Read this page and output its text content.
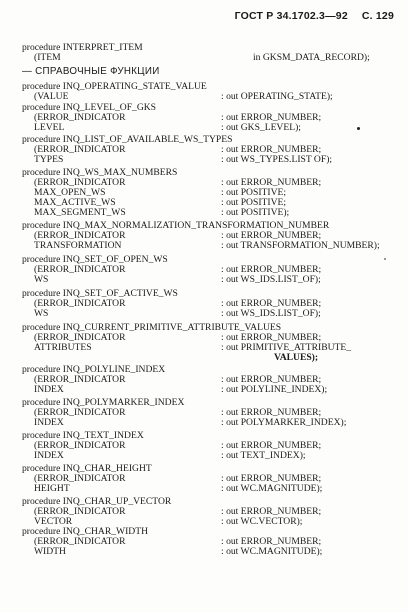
ГОСТ Р 34.1702.3—92 С. 129
procedure INTERPRET_ITEM
(ITEM	in GKSM_DATA_RECORD);
— СПРАВОЧНЫЕ ФУНКЦИИ
procedure INQ_OPERATING_STATE_VALUE
(VALUE	: out OPERATING_STATE);
procedure INQ_LEVEL_OF_GKS
(ERROR_INDICATOR	: out ERROR_NUMBER;
LEVEL	: out GKS_LEVEL);
procedure INQ_LIST_OF_AVAILABLE_WS_TYPES
(ERROR_INDICATOR	: out ERROR_NUMBER;
TYPES	: out WS_TYPES.LIST OF);
procedure INQ_WS_MAX_NUMBERS
(ERROR_INDICATOR	: out ERROR_NUMBER;
MAX_OPEN_WS	: out POSITIVE;
MAX_ACTIVE_WS	: out POSITIVE;
MAX_SEGMENT_WS	: out POSITIVE);
procedure INQ_MAX_NORMALIZATION_TRANSFORMATION_NUMBER
(ERROR_INDICATOR	: out ERROR_NUMBER;
TRANSFORMATION	: out TRANSFORMATION_NUMBER);
procedure INQ_SET_OF_OPEN_WS
(ERROR_INDICATOR	: out ERROR_NUMBER;
WS	: out WS_IDS.LIST_OF);
procedure INQ_SET_OF_ACTIVE_WS
(ERROR_INDICATOR	: out ERROR_NUMBER;
WS	: out WS_IDS.LIST_OF);
procedure INQ_CURRENT_PRIMITIVE_ATTRIBUTE_VALUES
(ERROR_INDICATOR	: out ERROR_NUMBER;
ATTRIBUTES	: out PRIMITIVE_ATTRIBUTE_
VALUES);
procedure INQ_POLYLINE_INDEX
(ERROR_INDICATOR	: out ERROR_NUMBER;
INDEX	: out POLYLINE_INDEX);
procedure INQ_POLYMARKER_INDEX
(ERROR_INDICATOR	: out ERROR_NUMBER;
INDEX	: out POLYMARKER_INDEX);
procedure INQ_TEXT_INDEX
(ERROR_INDICATOR	: out ERROR_NUMBER;
INDEX	: out TEXT_INDEX);
procedure INQ_CHAR_HEIGHT
(ERROR_INDICATOR	: out ERROR_NUMBER;
HEIGHT	: out WC.MAGNITUDE);
procedure INQ_CHAR_UP_VECTOR
(ERROR_INDICATOR	: out ERROR_NUMBER;
VECTOR	: out WC.VECTOR);
procedure INQ_CHAR_WIDTH
(ERROR_INDICATOR	: out ERROR_NUMBER;
WIDTH	: out WC.MAGNITUDE);
